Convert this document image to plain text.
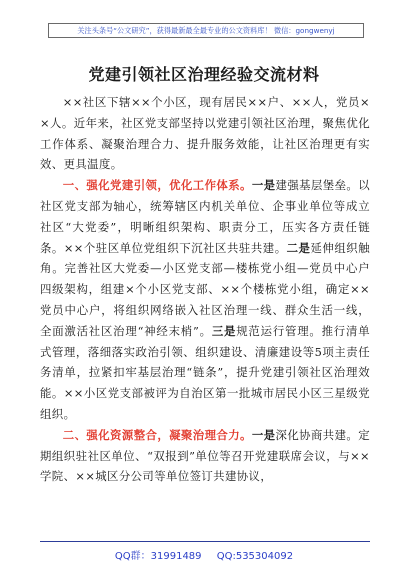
关注头条号“公文研究”，获得最新最全最专业的公文资料库！ 微信：gongwenyj
党建引领社区治理经验交流材料

××社区下辖××个小区，现有居民××户、××人，党员××人。近年来，社区党支部坚持以党建引领社区治理，聚焦优化工作体系、凝聚治理合力、提升服务效能，让社区治理更有实效、更具温度。

一、强化党建引领，优化工作体系。一是建强基层堡垒。以社区党支部为轴心，统筹辖区内机关单位、企事业单位等成立社区“大党委”，明晰组织架构、职责分工，压实各方责任链条。××个驻区单位党组织下沉社区共驻共建。二是延伸组织触角。完善社区大党委—小区党支部—楼栋党小组—党员中心户四级架构，组建×个小区党支部、××个楼栋党小组，确定××党员中心户，将组织网络嵌入社区治理一线、群众生活一线，全面激活社区治理“神经末梢”。三是规范运行管理。推行清单式管理，落细落实政治引领、组织建设、清廉建设等5项主责任务清单，拉紧扣牢基层治理“链条”，提升党建引领社区治理效能。××小区党支部被评为自治区第一批城市居民小区三星级党组织。

二、强化资源整合，凝聚治理合力。一是深化协商共建。定期组织驻社区单位、“双报到”单位等召开党建联席会议，与××学院、××城区分公司等单位签订共建协议，

QQ群：31991489 QQ:535304092
